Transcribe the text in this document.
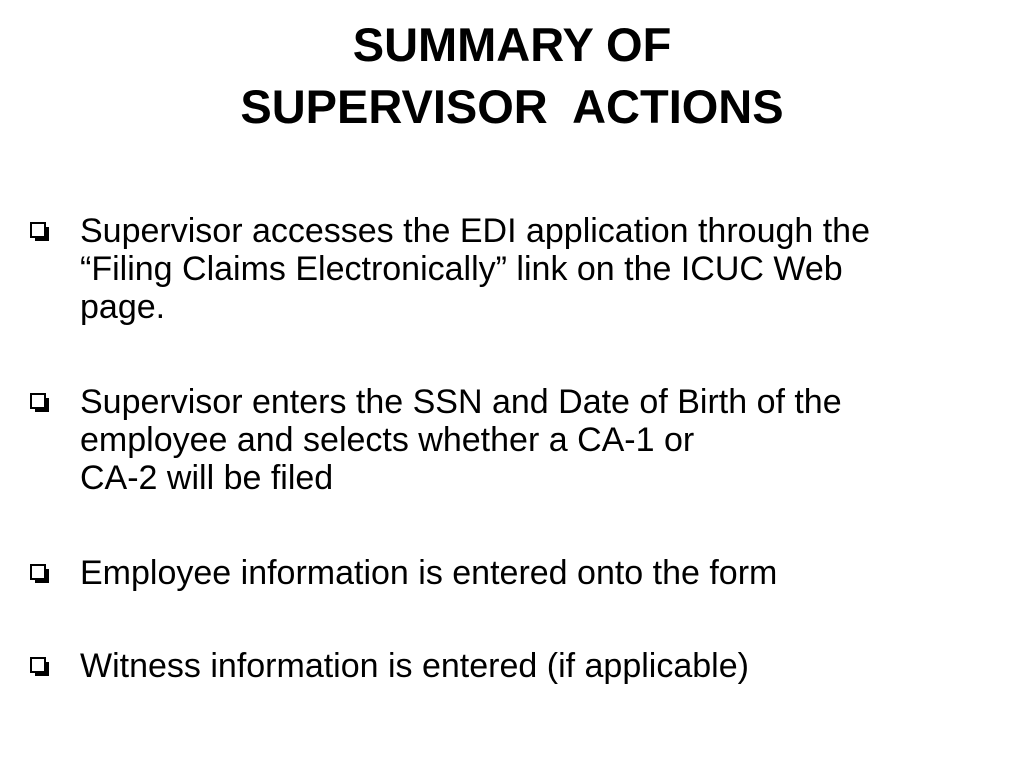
SUMMARY OF
SUPERVISOR  ACTIONS
Supervisor accesses the EDI application through the
“Filing Claims Electronically” link on the ICUC Web
page.
Supervisor enters the SSN and Date of Birth of the
employee and selects whether a CA-1 or
CA-2 will be filed
Employee information is entered onto the form
Witness information is entered (if applicable)
